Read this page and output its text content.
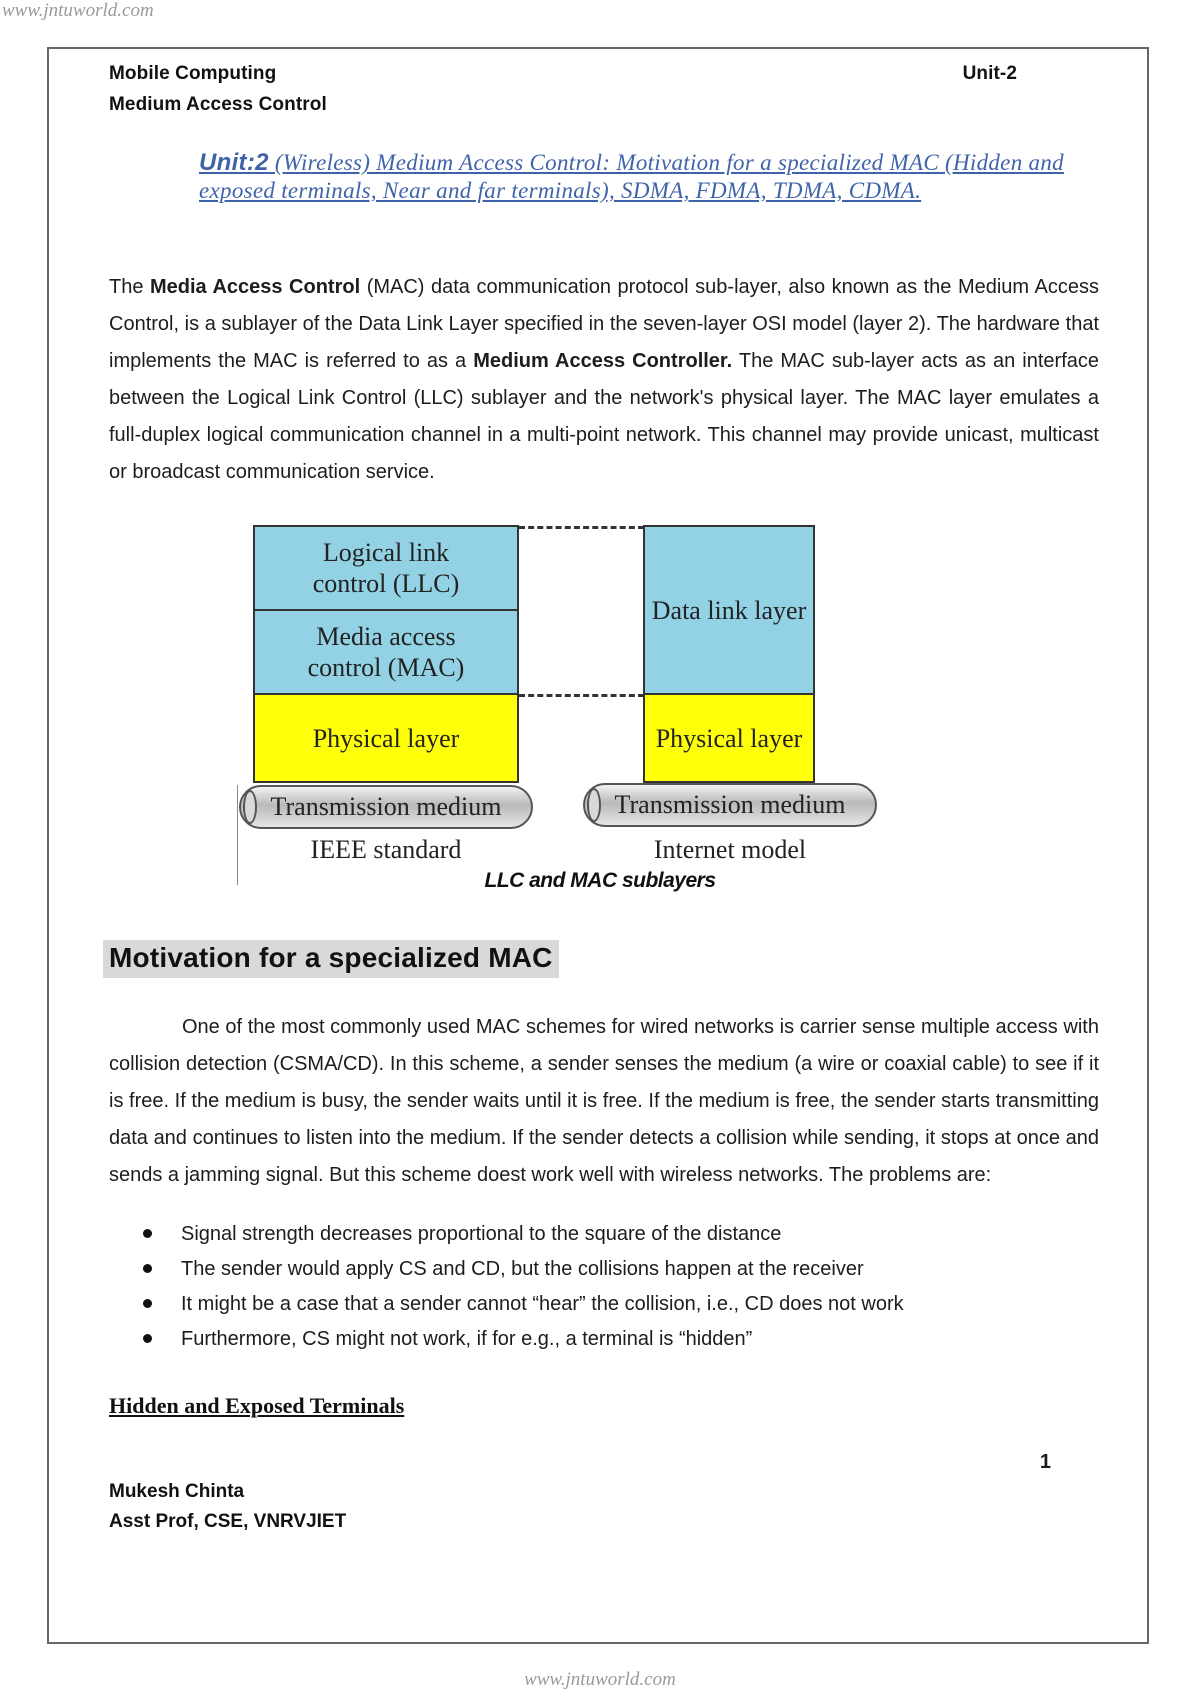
www.jntuworld.com
Mobile Computing
Medium Access Control
Unit-2
Unit:2 (Wireless) Medium Access Control: Motivation for a specialized MAC (Hidden and exposed terminals, Near and far terminals), SDMA, FDMA, TDMA, CDMA.
The Media Access Control (MAC) data communication protocol sub-layer, also known as the Medium Access Control, is a sublayer of the Data Link Layer specified in the seven-layer OSI model (layer 2). The hardware that implements the MAC is referred to as a Medium Access Controller. The MAC sub-layer acts as an interface between the Logical Link Control (LLC) sublayer and the network's physical layer. The MAC layer emulates a full-duplex logical communication channel in a multi-point network. This channel may provide unicast, multicast or broadcast communication service.
Logical link control (LLC)
Media access control (MAC)
Physical layer
Transmission medium
IEEE standard
Data link layer
Physical layer
Transmission medium
Internet model
LLC and MAC sublayers
Motivation for a specialized MAC
One of the most commonly used MAC schemes for wired networks is carrier sense multiple access with collision detection (CSMA/CD). In this scheme, a sender senses the medium (a wire or coaxial cable) to see if it is free. If the medium is busy, the sender waits until it is free. If the medium is free, the sender starts transmitting data and continues to listen into the medium. If the sender detects a collision while sending, it stops at once and sends a jamming signal. But this scheme doest work well with wireless networks. The problems are:
Signal strength decreases proportional to the square of the distance
The sender would apply CS and CD, but the collisions happen at the receiver
It might be a case that a sender cannot “hear” the collision, i.e., CD does not work
Furthermore, CS might not work, if for e.g., a terminal is “hidden”
Hidden and Exposed Terminals
1
Mukesh Chinta
Asst Prof, CSE, VNRVJIET
www.jntuworld.com
